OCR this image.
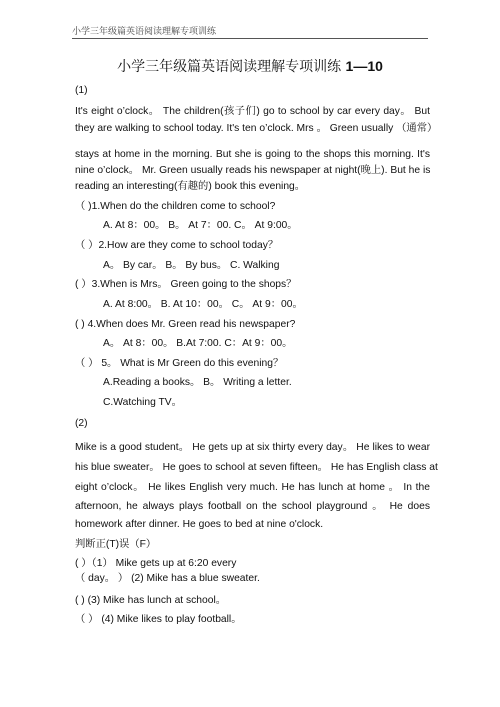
小学三年级篇英语阅读理解专项训练
小学三年级篇英语阅读理解专项训练 1—10
(1)
It's eight o’clock。 The children(孩子们) go to school by car every day。 But
they are walking to school today. It's ten o’clock. Mrs 。 Green usually （通常）
stays at home in the morning. But she is going to the shops this morning. It's
nine o’clock。 Mr. Green usually reads his newspaper at night(晚上). But he is
reading an interesting(有趣的) book this evening。
（ )1.When do the children come to school?
A. At 8：00。 B。 At 7：00. C。 At 9:00。
（ ）2.How are they come to school today？
A。 By car。 B。 By bus。 C. Walking
( ）3.When is Mrs。 Green going to the shops？
A. At 8:00。 B. At 10：00。 C。 At 9：00。
( ) 4.When does Mr. Green read his newspaper?
A。 At 8：00。 B.At 7:00. C：At 9：00。
（ ） 5。 What is Mr Green do this evening？
A.Reading a books。 B。 Writing a letter.
C.Watching TV。
(2)
Mike is a good student。 He gets up at six thirty every day。 He likes to wear
his blue sweater。 He goes to school at seven fifteen。 He has English class at
eight o’clock。 He likes English very much. He has lunch at home 。 In the
afternoon, he always plays football on the school playground 。 He does
homework after dinner. He goes to bed at nine o'clock.
判断正(T)误（F）
( ）（1） Mike gets up at 6:20 every
（ day。 ） (2) Mike has a blue sweater.
( ) (3) Mike has lunch at school。
（ ） (4) Mike likes to play football。
